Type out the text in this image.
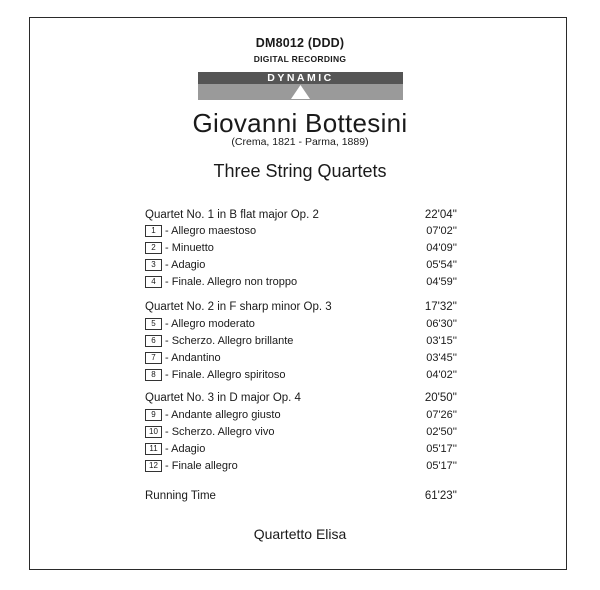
DM8012 (DDD)
DIGITAL RECORDING
DYNAMIC
Giovanni Bottesini
(Crema, 1821 - Parma, 1889)
Three String Quartets
Quartet No. 1 in B flat major Op. 2	22'04''
1 - Allegro maestoso	07'02''
2 - Minuetto	04'09''
3 - Adagio	05'54''
4 - Finale. Allegro non troppo	04'59''
Quartet No. 2 in F sharp minor Op. 3	17'32''
5 - Allegro moderato	06'30''
6 - Scherzo. Allegro brillante	03'15''
7 - Andantino	03'45''
8 - Finale. Allegro spiritoso	04'02''
Quartet No. 3 in D major Op. 4	20'50''
9 - Andante allegro giusto	07'26''
10 - Scherzo. Allegro vivo	02'50''
11 - Adagio	05'17''
12 - Finale allegro	05'17''
Running Time	61'23''
Quartetto Elisa
